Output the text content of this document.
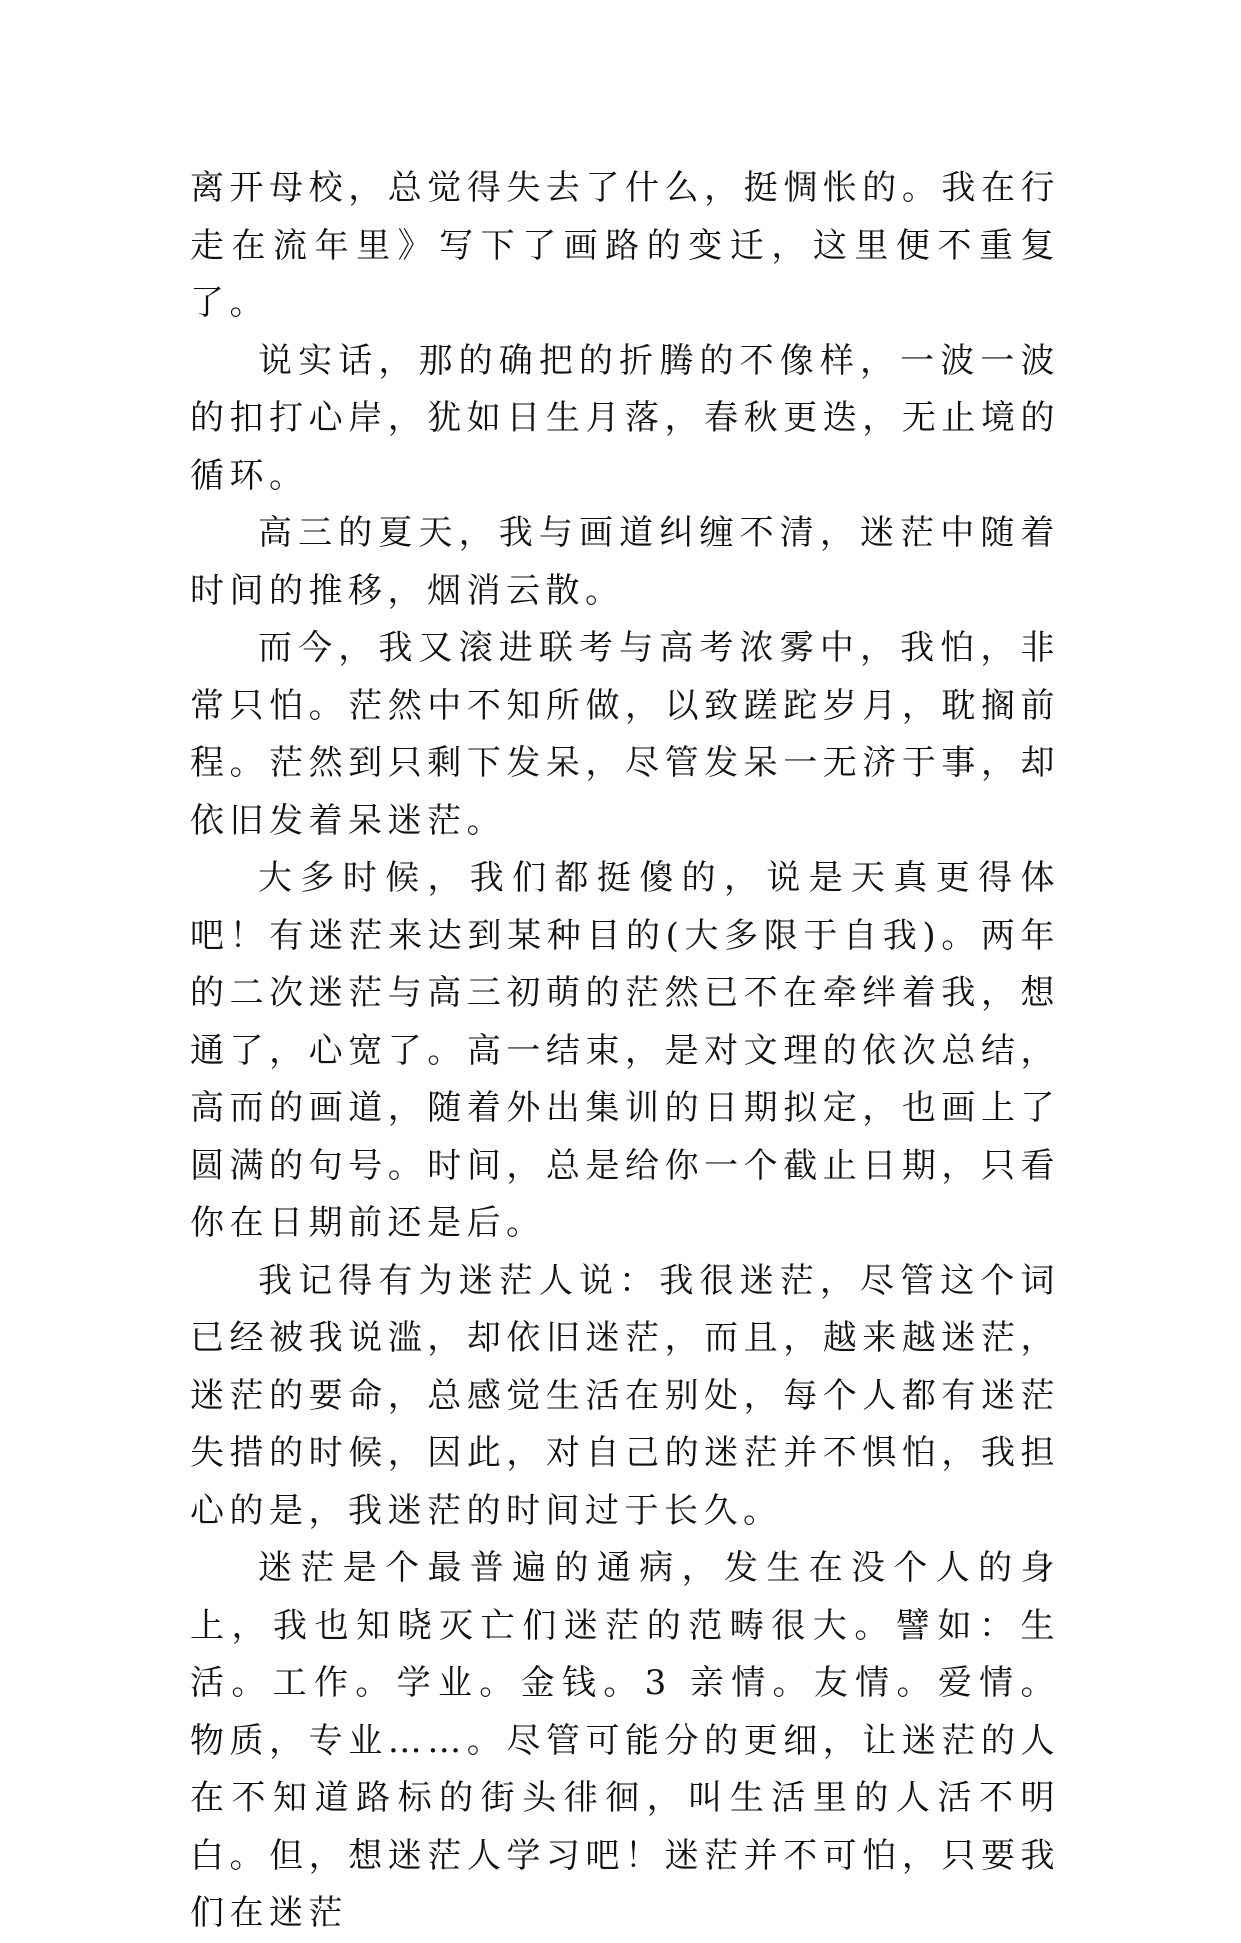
离开母校，总觉得失去了什么，挺惆怅的。我在行走在流年里》写下了画路的变迁，这里便不重复了。

说实话，那的确把的折腾的不像样，一波一波的扣打心岸，犹如日生月落，春秋更迭，无止境的循环。

高三的夏天，我与画道纠缠不清，迷茫中随着时间的推移，烟消云散。

而今，我又滚进联考与高考浓雾中，我怕，非常只怕。茫然中不知所做，以致蹉跎岁月，耽搁前程。茫然到只剩下发呆，尽管发呆一无济于事，却依旧发着呆迷茫。

大多时候，我们都挺傻的，说是天真更得体吧！有迷茫来达到某种目的(大多限于自我)。两年的二次迷茫与高三初萌的茫然已不在牵绊着我，想通了，心宽了。高一结束，是对文理的依次总结，高而的画道，随着外出集训的日期拟定，也画上了圆满的句号。时间，总是给你一个截止日期，只看你在日期前还是后。

我记得有为迷茫人说：我很迷茫，尽管这个词已经被我说滥，却依旧迷茫，而且，越来越迷茫，迷茫的要命，总感觉生活在别处，每个人都有迷茫失措的时候，因此，对自己的迷茫并不惧怕，我担心的是，我迷茫的时间过于长久。

迷茫是个最普遍的通病，发生在没个人的身上，我也知晓灭亡们迷茫的范畴很大。譬如：生活。工作。学业。金钱。3 亲情。友情。爱情。物质，专业……。尽管可能分的更细，让迷茫的人在不知道路标的街头徘徊，叫生活里的人活不明白。但，想迷茫人学习吧！迷茫并不可怕，只要我们在迷茫
